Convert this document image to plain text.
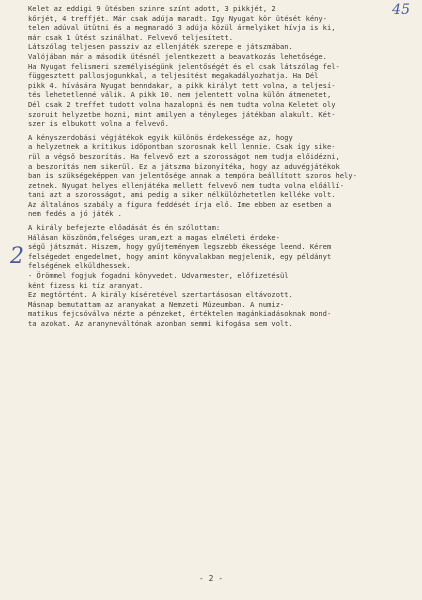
45
2
Kelet az eddigi 9 ütésben szinre színt adott, 3 pikkjét, 2
kőrjét, 4 treffjét. Már csak adúja maradt. Igy Nyugat kör ütését kény-
telen adúval ütütni és a megmaradó 3 adúja közül ármelyiket hívja is ki,
már csak 1 ütést szinálhat. Felvevő teljesített.
Látszólag teljesen passziv az ellenjáték szerepe e játszmában.
Valójában már a második ütésnél jelentkezett a beavatkozás lehetősége.
Ha Nyugat felismeri személyiségünk jelentőségét és el csak látszólag fel-
függesztett pallosjogunkkal, a teljesítést megakadályozhatja. Ha Dél
pikk 4. hívására Nyugat benndakar, a pikk királyt tett volna, a teljesí-
tés lehetetlenné válik. A pikk 10. nem jelentett volna külön átmenetet,
Dél csak 2 treffet tudott volna hazalopni és nem tudta volna Keletet oly
szoruit helyzetbe hozni, mint amilyen a tényleges játékban alakult. Két-
szer is elbukott volna a felvevő.
A kényszerdobási végjátékok egyik különös érdekessége az, hogy
a helyzetnek a kritikus időpontban szorosnak kell lennie. Csak így sike-
rül a végső beszorítás. Ha felvevő ezt a szorosságot nem tudja előidézni,
a beszorítás nem sikerül. Ez a játszma bizonyítéka, hogy az aduvégjátékok
ban is szükségeképpen van jelentősége annak a tempóra beállított szoros hely-
zetnek. Nyugat helyes ellenjátéka mellett felvevő nem tudta volna előállí-
tani azt a szorosságot, ami pedig a siker nélkülözhetetlen kelléke volt.
Az általános szabály a figura feddését írja elő. Ime ebben az esetben a
nem fedés a jó játék .
A király befejezte előadását és én szólottam:
Hálásan köszönöm,felséges uram,ezt a magas elméleti érdeke-
ségű játszmát. Hiszem, hogy gyűjteményem legszebb ékessége leend. Kérem
felségedet engedelmet, hogy amint könyvalakban megjelenik, egy példányt
felségének elküldhessek.
- Örömmel fogjuk fogadni könyvedet. Udvarmester, előfizetésül
ként fizess ki tíz aranyat.
Ez megtörtént. A király kíséretével szertartásosan eltávozott.
Másnap bemutattam az aranyakat a Nemzeti Múzeumban. A numiz-
matikus fejcsóválva nézte a pénzeket, értéktelen magánkiadásoknak mond-
ta azokat. Az aranyneváltónak azonban semmi kifogása sem volt.
- 2 -
